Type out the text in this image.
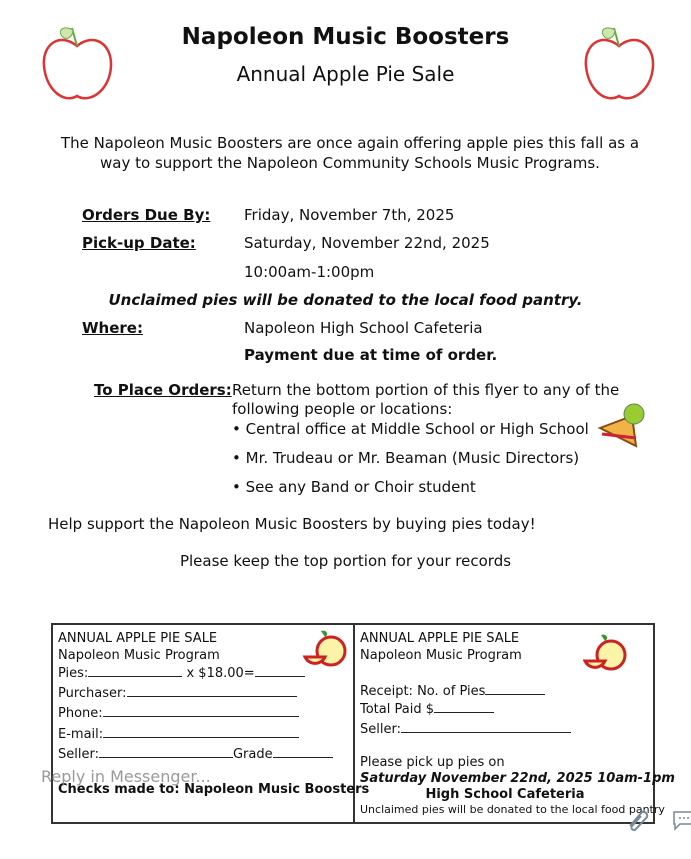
Napoleon Music Boosters
Annual Apple Pie Sale
The Napoleon Music Boosters are once again offering apple pies this fall as a way to support the Napoleon Community Schools Music Programs.
Orders Due By: Friday, November 7th, 2025
Pick-up Date:	Saturday, November 22nd, 2025
10:00am-1:00pm
Unclaimed pies will be donated to the local food pantry.
Where:	Napoleon High School Cafeteria
Payment due at time of order.
To Place Orders: Return the bottom portion of this flyer to any of the
following people or locations:
• Central office at Middle School or High School
• Mr. Trudeau or Mr. Beaman (Music Directors)
• See any Band or Choir student
Help support the Napoleon Music Boosters by buying pies today!
Please keep the top portion for your records
ANNUAL APPLE PIE SALE
Napoleon Music Program
Pies:	x $18.00=
Purchaser:
Phone:
E-mail:
Seller:	Grade
Checks made to: Napoleon Music Boosters
ANNUAL APPLE PIE SALE
Napoleon Music Program
Receipt: No. of Pies
Total Paid $
Seller:
Please pick up pies on
Saturday November 22nd, 2025 10am-1pm
High School Cafeteria
Unclaimed pies will be donated to the local food pantry
Reply in Messenger...
